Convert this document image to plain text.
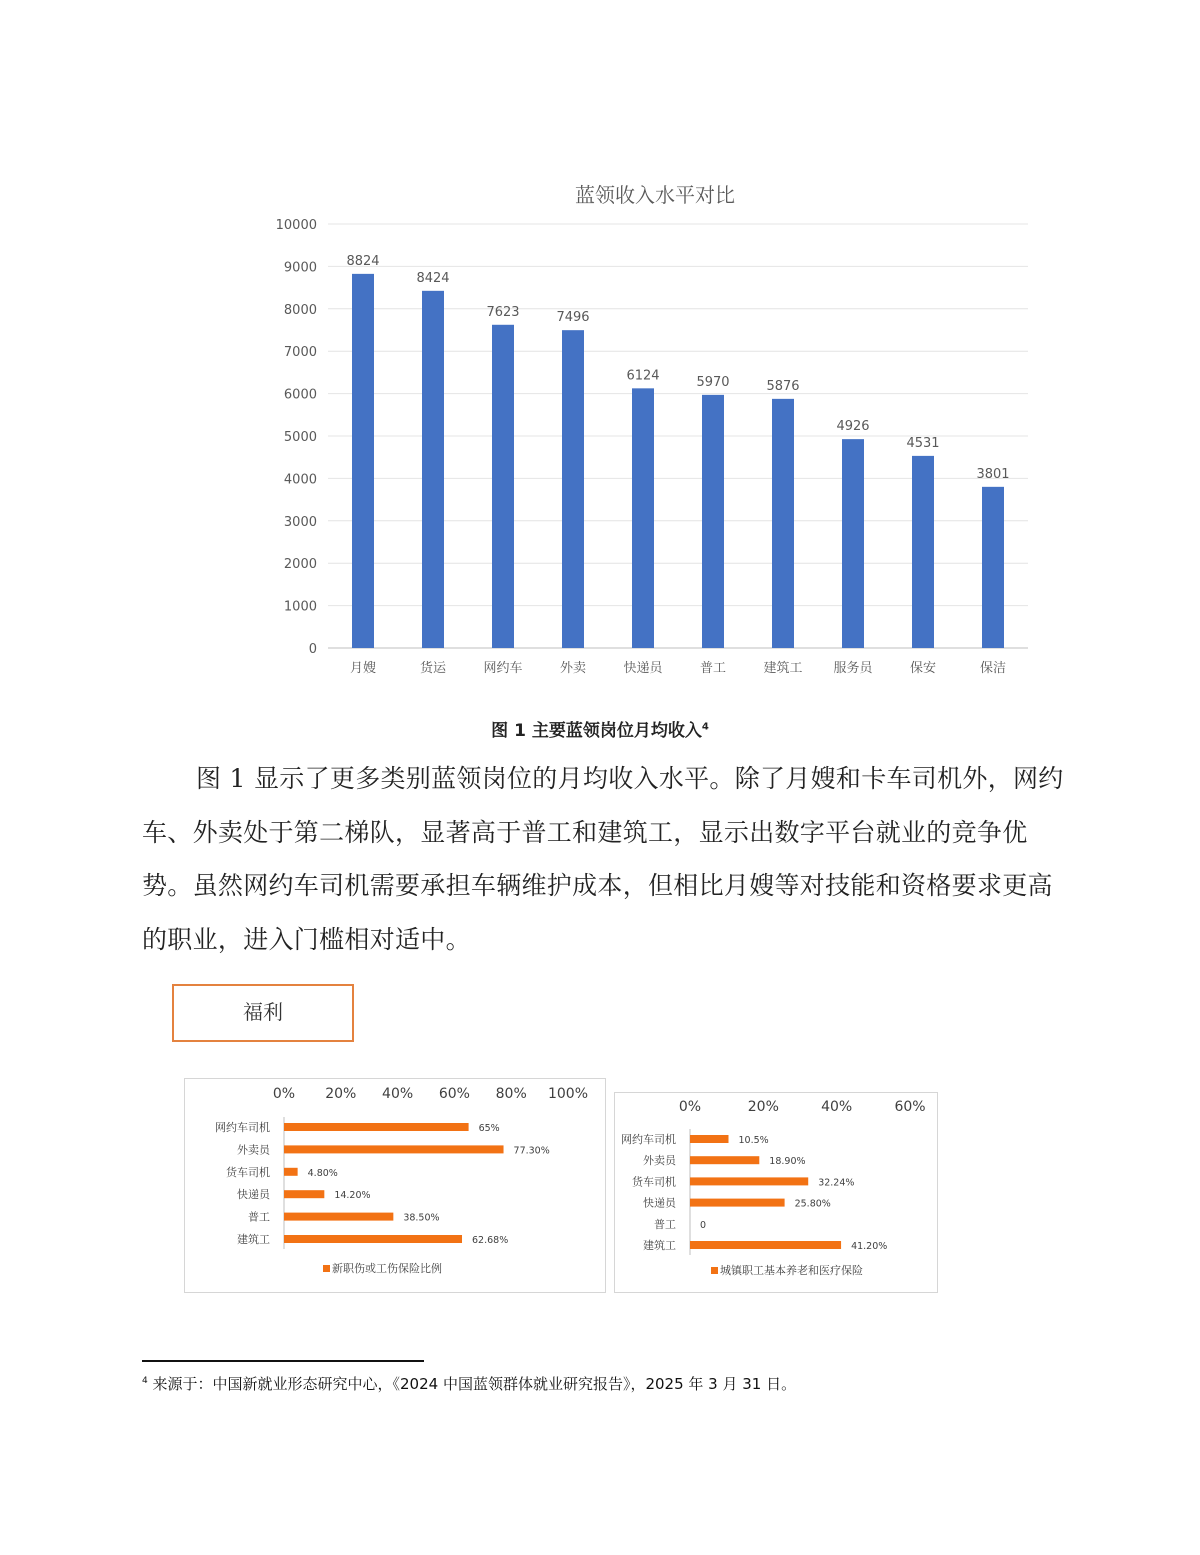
蓝领收入水平对比
0
1000
2000
3000
4000
5000
6000
7000
8000
9000
10000
8824
月嫂
8424
货运
7623
网约车
7496
外卖
6124
快递员
5970
普工
5876
建筑工
4926
服务员
4531
保安
3801
保洁
图 1 主要蓝领岗位月均收入$^4$
图 1 显示了更多类别蓝领岗位的月均收入水平。除了月嫂和卡车司机外，网约车、外卖处于第二梯队，显著高于普工和建筑工，显示出数字平台就业的竞争优势。虽然网约车司机需要承担车辆维护成本，但相比月嫂等对技能和资格要求更高的职业，进入门槛相对适中。
福利
0% 20% 40% 60% 80% 100%
网约车司机	65%
外卖员	77.30%
货车司机	4.80%
快递员	14.20%
普工	38.50%
建筑工	62.68%
新职伤或工伤保险比例
0%	20%	40%	60%
网约车司机	10.5%
外卖员	18.90%
货车司机	32.24%
快递员	25.80%
普工	0
建筑工	41.20%
城镇职工基本养老和医疗保险
$^4$ 来源于：中国新就业形态研究中心，《2024 中国蓝领群体就业研究报告》，2025 年 3 月 31 日。
